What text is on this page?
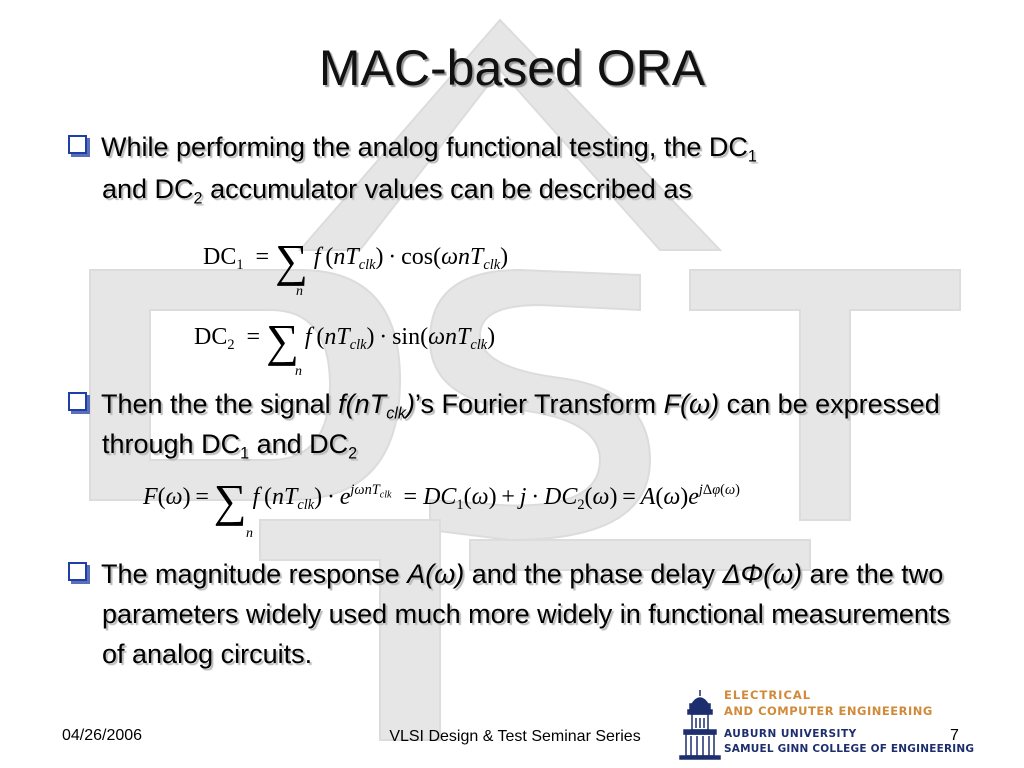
MAC-based ORA

While performing the analog functional testing, the $DC_1$
and $DC_2$ accumulator values can be described as

$DC_1$  = ∑
n
f $(nT_{clk}) \cdot \cos(\omega nT_{clk})$
$DC_2$  = ∑
n
f $(nT_{clk}) \cdot \sin(\omega nT_{clk})$

Then the the signal $f(nT_{clk})’s$ Fourier Transform F(ω) can be expressed through $DC_1$ and $DC_2$

F(ω) = ∑
n
f $(nT_{clk}) \cdot e^{j\omega nT_{clk}} = DC_1(\omega) + j \cdot DC_2(\omega) = A(\omega)e^{j\Delta\varphi(\omega)}$

The magnitude response A(ω) and the phase delay ΔΦ(ω) are the two parameters widely used much more widely in functional measurements of analog circuits.

04/26/2006	VLSI Design & Test Seminar Series	7
ELECTRICAL
AND COMPUTER ENGINEERING
AUBURN UNIVERSITY
SAMUEL GINN COLLEGE OF ENGINEERING
